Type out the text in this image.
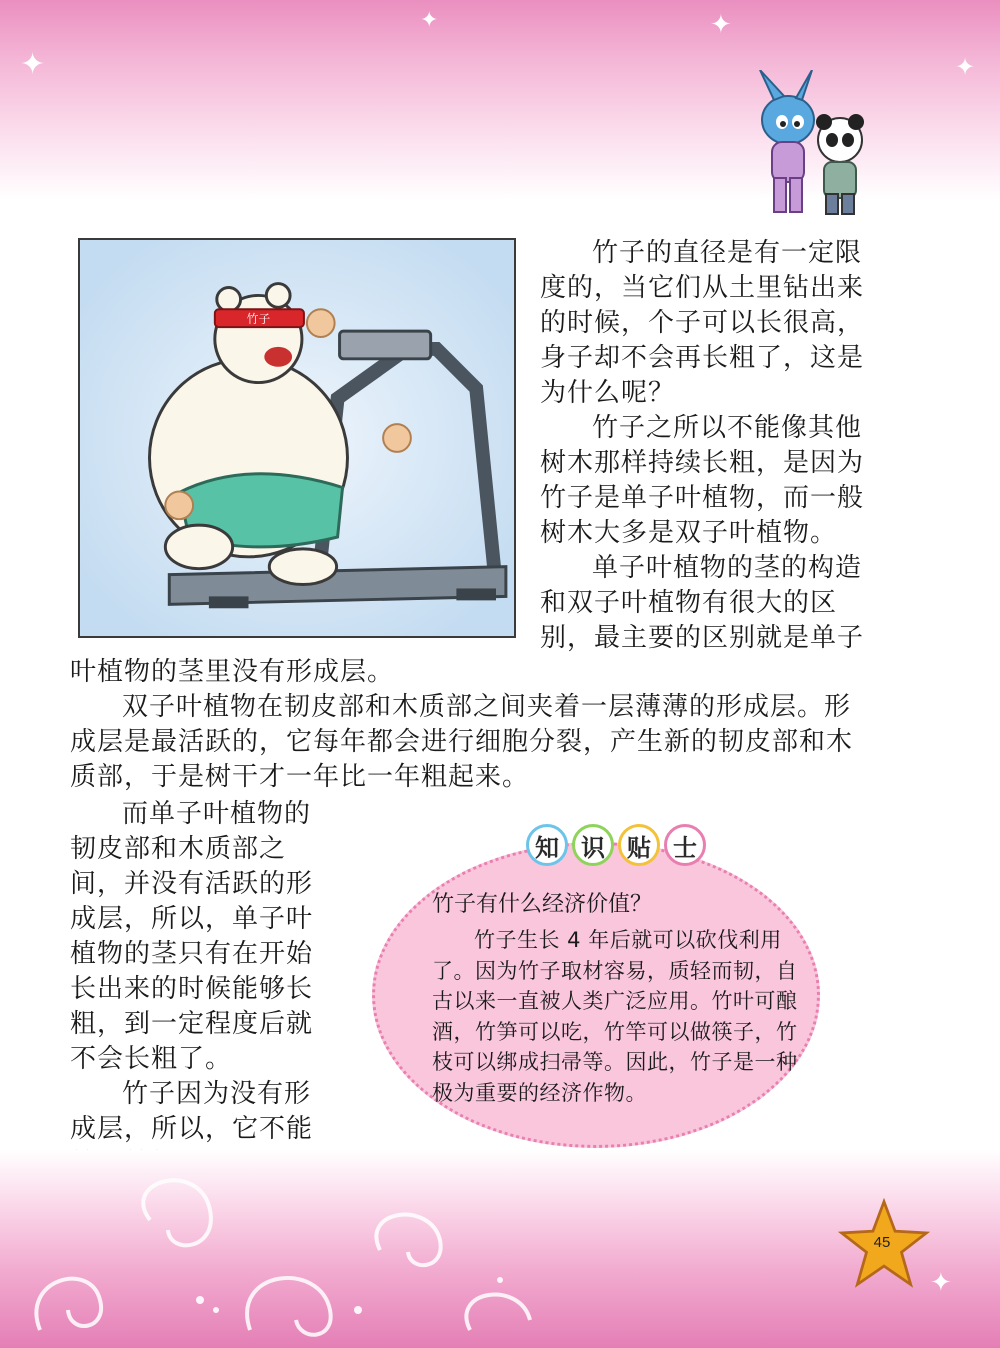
✦
✦	✦
✦
竹子

竹子的直径是有一定限度的，当它们从土里钻出来的时候，个子可以长很高，身子却不会再长粗了，这是为什么呢？

竹子之所以不能像其他树木那样持续长粗，是因为竹子是单子叶植物，而一般树木大多是双子叶植物。

单子叶植物的茎的构造和双子叶植物有很大的区别，最主要的区别就是单子

叶植物的茎里没有形成层。

双子叶植物在韧皮部和木质部之间夹着一层薄薄的形成层。形成层是最活跃的，它每年都会进行细胞分裂，产生新的韧皮部和木质部，于是树干才一年比一年粗起来。

而单子叶植物的韧皮部和木质部之间，并没有活跃的形成层，所以，单子叶植物的茎只有在开始长出来的时候能够长粗，到一定程度后就不会长粗了。

竹子因为没有形成层，所以，它不能

知 识 贴 士
竹子有什么经济价值？

竹子生长 4 年后就可以砍伐利用了。因为竹子取材容易，质轻而韧，自古以来一直被人类广泛应用。竹叶可酿酒，竹笋可以吃，竹竿可以做筷子，竹枝可以绑成扫帚等。因此，竹子是一种极为重要的经济作物。

✦
45
